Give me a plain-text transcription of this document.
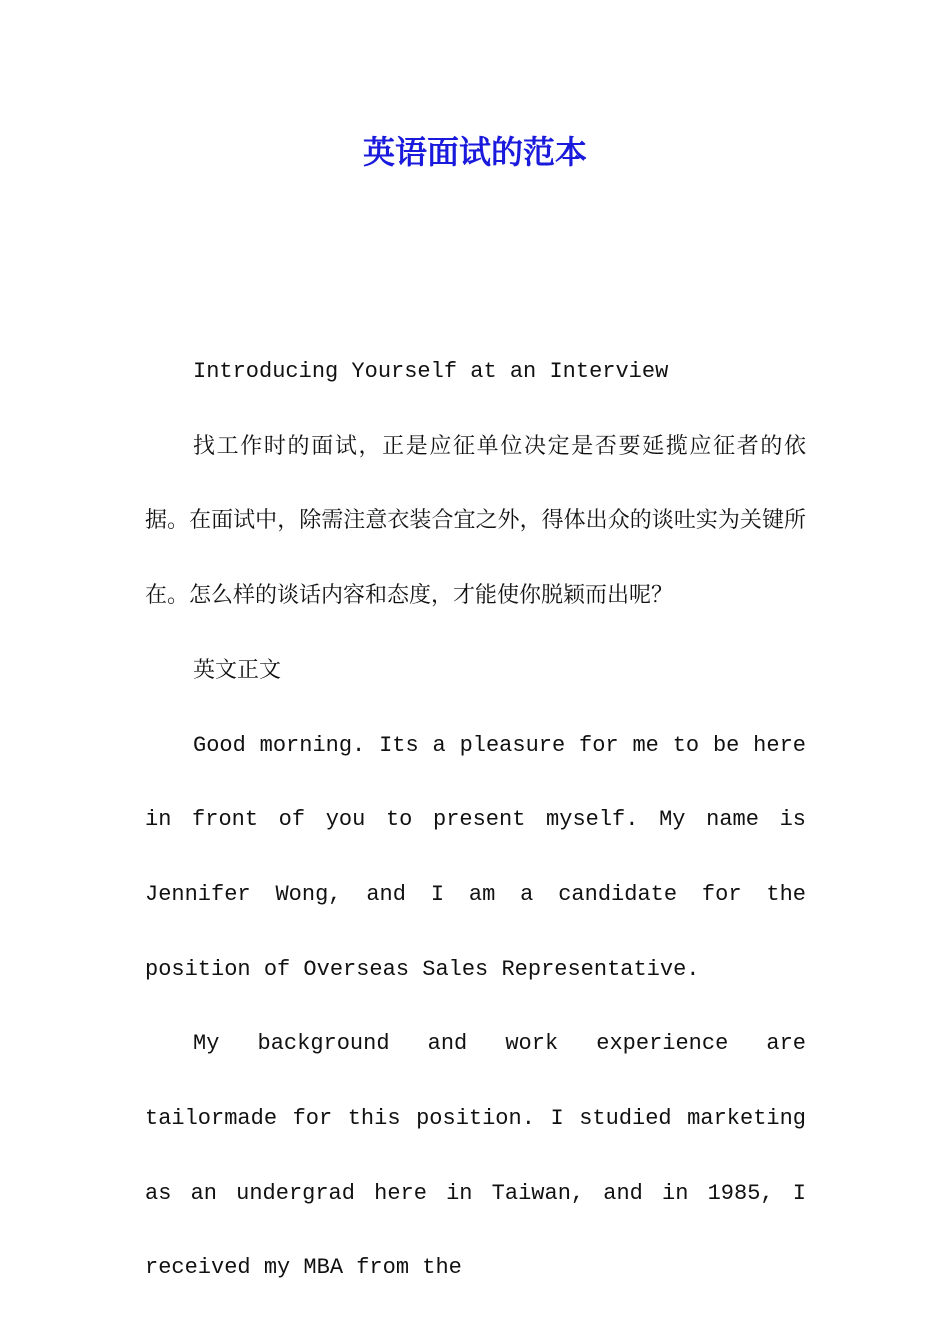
英语面试的范本

Introducing Yourself at an Interview

找工作时的面试，正是应征单位决定是否要延揽应征者的依据。在面试中，除需注意衣装合宜之外，得体出众的谈吐实为关键所在。怎么样的谈话内容和态度，才能使你脱颖而出呢？

英文正文

Good morning. Its a pleasure for me to be here in front of you to present myself. My name is Jennifer Wong, and I am a candidate for the position of Overseas Sales Representative.

My background and work experience are tailormade for this position. I studied marketing as an undergrad here in Taiwan, and in 1985, I received my MBA from the
